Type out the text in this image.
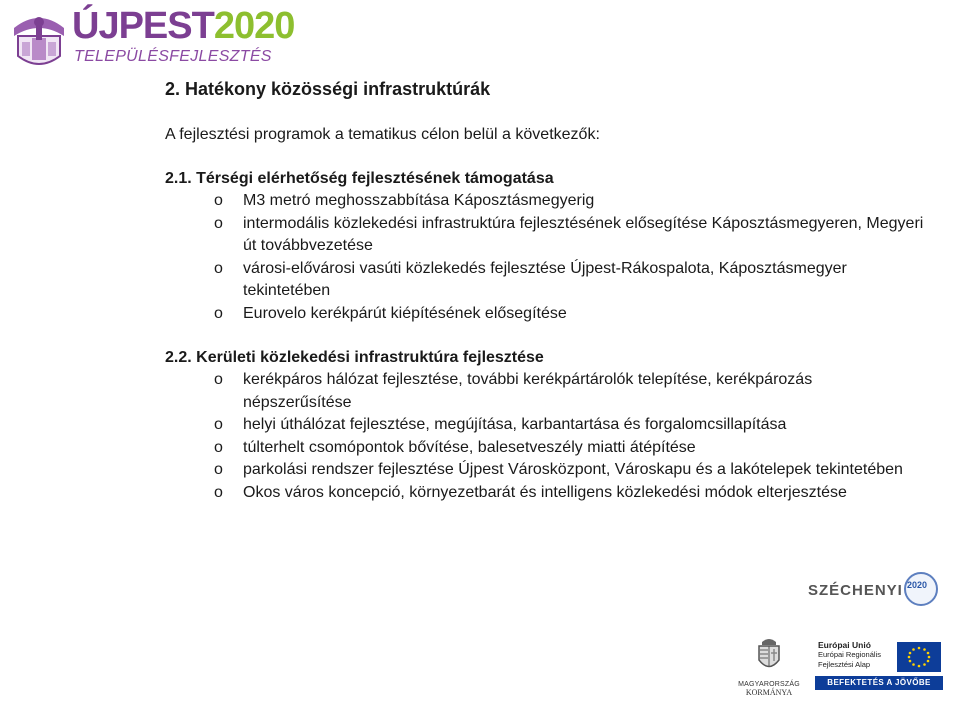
ÚJPEST2020
TELEPÜLÉSFEJLESZTÉS
2. Hatékony közösségi infrastruktúrák
A fejlesztési programok a tematikus célon belül a következők:
2.1. Térségi elérhetőség fejlesztésének támogatása
o M3 metró meghosszabbítása Káposztásmegyerig
o intermodális közlekedési infrastruktúra fejlesztésének elősegítése Káposztásmegyeren, Megyeri út továbbvezetése
o városi-elővárosi vasúti közlekedés fejlesztése Újpest-Rákospalota, Káposztásmegyer tekintetében
o Eurovelo kerékpárút kiépítésének elősegítése
2.2. Kerületi közlekedési infrastruktúra fejlesztése
o kerékpáros hálózat fejlesztése, további kerékpártárolók telepítése, kerékpározás népszerűsítése
o helyi úthálózat fejlesztése, megújítása, karbantartása és forgalomcsillapítása
o túlterhelt csomópontok bővítése, balesetveszély miatti átépítése
o parkolási rendszer fejlesztése Újpest Városközpont, Városkapu és a lakótelepek tekintetében
o Okos város koncepció, környezetbarát és intelligens közlekedési módok elterjesztése
SZÉCHENYI 2020
MAGYARORSZÁG
KORMÁNYA
Európai Unió
Európai Regionális
Fejlesztési Alap
BEFEKTETÉS A JÖVŐBE
